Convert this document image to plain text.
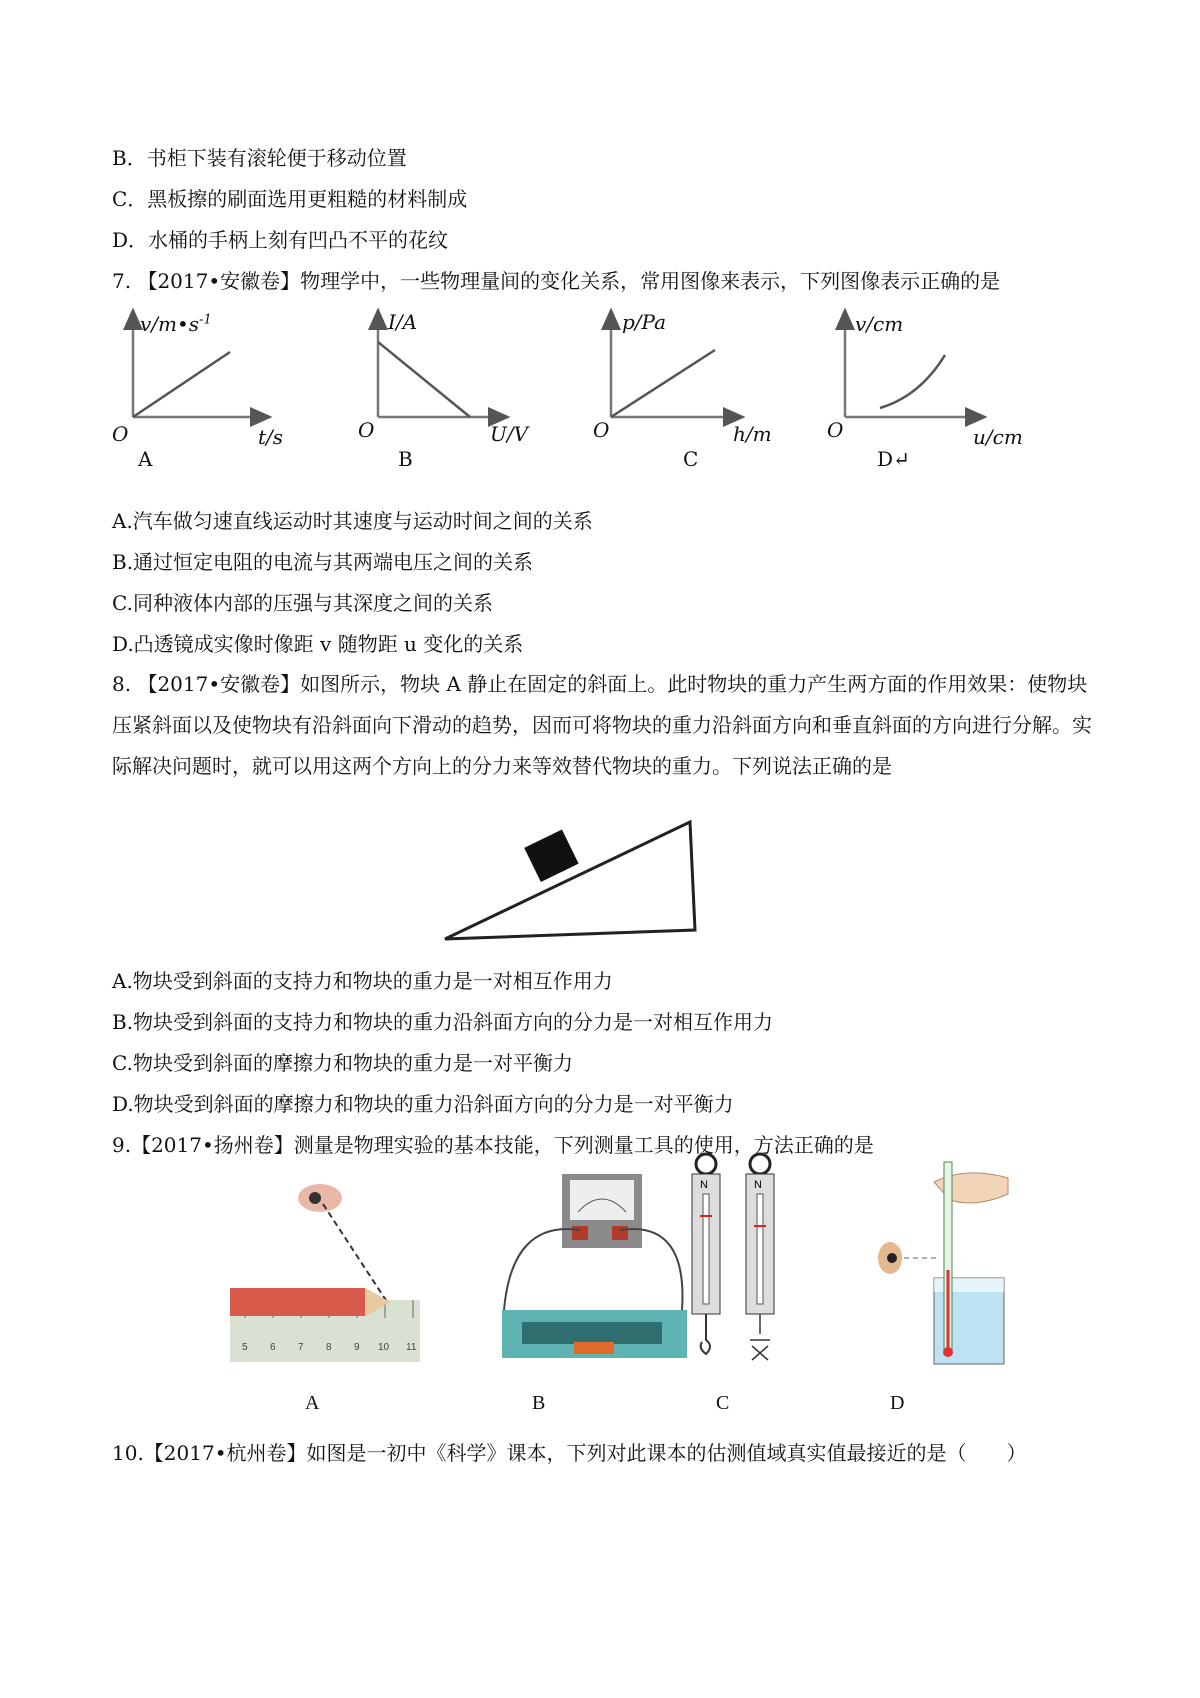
B．书柜下装有滚轮便于移动位置
C．黑板擦的刷面选用更粗糙的材料制成
D．水桶的手柄上刻有凹凸不平的花纹
7. 【2017•安徽卷】物理学中，一些物理量间的变化关系，常用图像来表示，下列图像表示正确的是
$v/m•s^{-1}$
O	t/s
A
I/A
O	U/V
B
p/Pa
O	h/m
C
v/cm
O	u/cm
D↵
A.汽车做匀速直线运动时其速度与运动时间之间的关系
B.通过恒定电阻的电流与其两端电压之间的关系
C.同种液体内部的压强与其深度之间的关系
D.凸透镜成实像时像距 v 随物距 u 变化的关系
8. 【2017•安徽卷】如图所示，物块 A 静止在固定的斜面上。此时物块的重力产生两方面的作用效果：使物块压紧斜面以及使物块有沿斜面向下滑动的趋势，因而可将物块的重力沿斜面方向和垂直斜面的方向进行分解。实际解决问题时，就可以用这两个方向上的分力来等效替代物块的重力。下列说法正确的是
A.物块受到斜面的支持力和物块的重力是一对相互作用力
B.物块受到斜面的支持力和物块的重力沿斜面方向的分力是一对相互作用力
C.物块受到斜面的摩擦力和物块的重力是一对平衡力
D.物块受到斜面的摩擦力和物块的重力沿斜面方向的分力是一对平衡力
9.【2017•扬州卷】测量是物理实验的基本技能，下列测量工具的使用，方法正确的是
5 6 7 8 9 10 11
N	N
A	B	C	D
10.【2017•杭州卷】如图是一初中《科学》课本，下列对此课本的估测值域真实值最接近的是（　　）
